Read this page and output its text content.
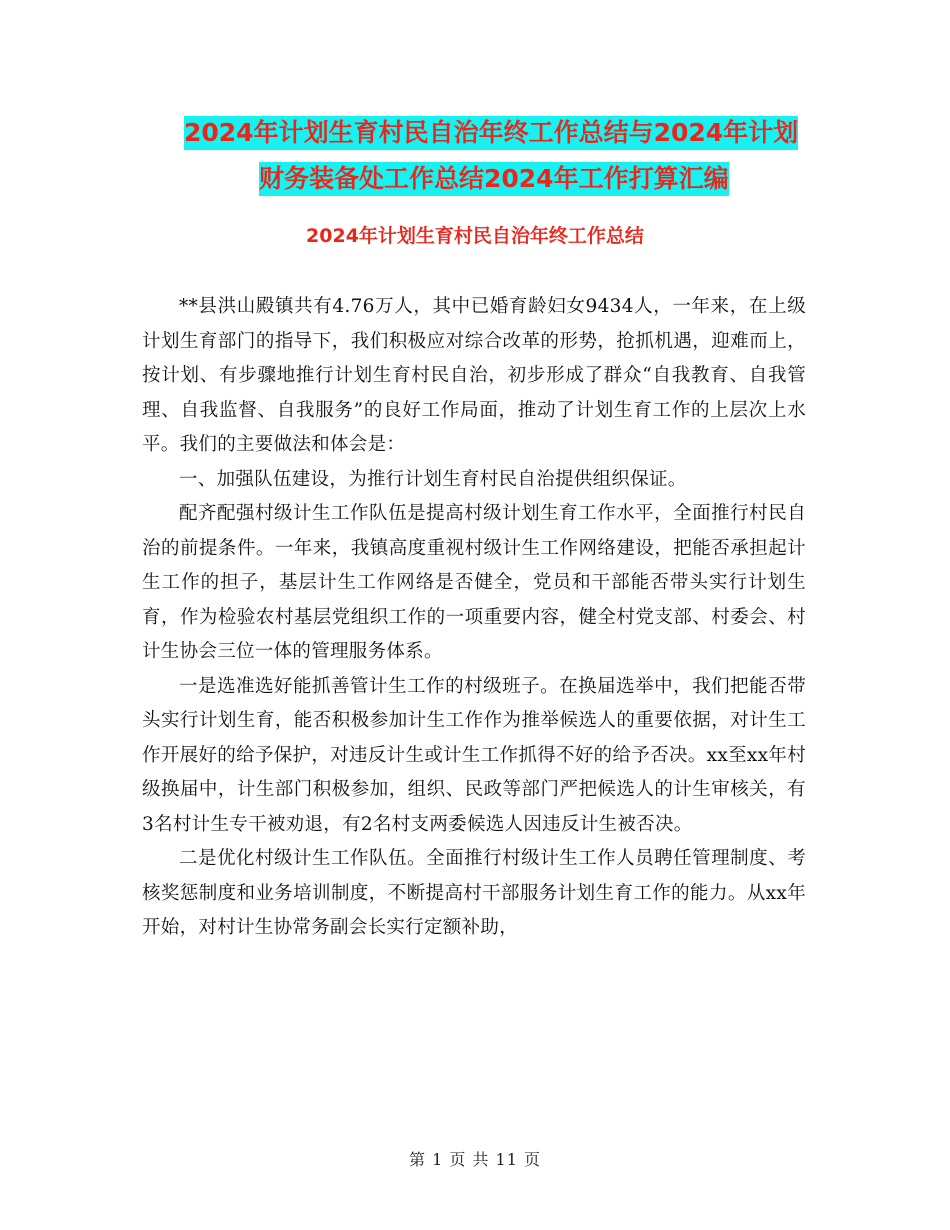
2024年计划生育村民自治年终工作总结与2024年计划
财务装备处工作总结2024年工作打算汇编
2024年计划生育村民自治年终工作总结

**县洪山殿镇共有4.76万人，其中已婚育龄妇女9434人，一年来，在上级计划生育部门的指导下，我们积极应对综合改革的形势，抢抓机遇，迎难而上，按计划、有步骤地推行计划生育村民自治，初步形成了群众“自我教育、自我管理、自我监督、自我服务”的良好工作局面，推动了计划生育工作的上层次上水平。我们的主要做法和体会是：

一、加强队伍建设，为推行计划生育村民自治提供组织保证。

配齐配强村级计生工作队伍是提高村级计划生育工作水平，全面推行村民自治的前提条件。一年来，我镇高度重视村级计生工作网络建设，把能否承担起计生工作的担子，基层计生工作网络是否健全，党员和干部能否带头实行计划生育，作为检验农村基层党组织工作的一项重要内容，健全村党支部、村委会、村计生协会三位一体的管理服务体系。

一是选准选好能抓善管计生工作的村级班子。在换届选举中，我们把能否带头实行计划生育，能否积极参加计生工作作为推举候选人的重要依据，对计生工作开展好的给予保护，对违反计生或计生工作抓得不好的给予否决。xx至xx年村级换届中，计生部门积极参加，组织、民政等部门严把候选人的计生审核关，有3名村计生专干被劝退，有2名村支两委候选人因违反计生被否决。

二是优化村级计生工作队伍。全面推行村级计生工作人员聘任管理制度、考核奖惩制度和业务培训制度，不断提高村干部服务计划生育工作的能力。从xx年开始，对村计生协常务副会长实行定额补助，

第 1 页 共 11 页
